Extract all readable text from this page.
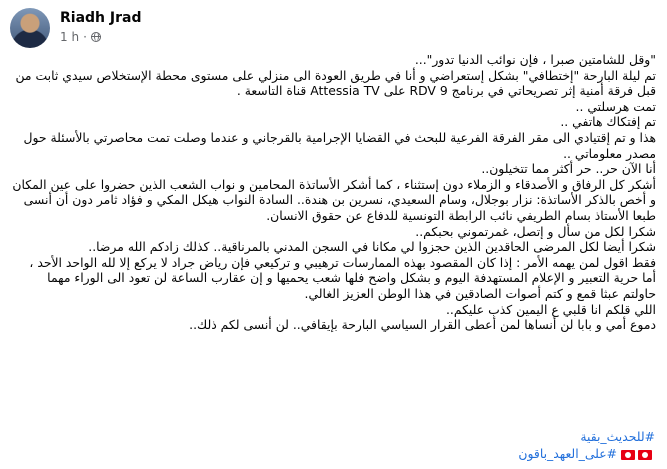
Riadh Jrad
1 h ·

"وقل للشامتين صبرا ، فإن نوائب الدنيا تدور"...

تم ليلة البارحة "إختطافي" بشكل إستعراضي و أنا في طريق العودة الى منزلي على مستوى محطة الإستخلاص سيدي ثابت من

قبل فرقة أمنية إثر تصريحاتي في برنامج RDV 9 على Attessia TV قناة التاسعة .

تمت هرسلتي ..

تم إفتكاك هاتفي ..

هذا و تم إقتيادي الى مقر الفرقة الفرعية للبحث في القضايا الإجرامية بالقرجاني و عندما وصلت تمت محاصرتي بالأسئلة حول

مصدر معلوماتي ..

أنا الآن حر.. حر أكثر مما تتخيلون..

أشكر كل الرفاق و الأصدقاء و الزملاء دون إستثناء ، كما أشكر الأساتذة المحامين و نواب الشعب الذين حضروا على عين المكان

و أخص بالذكر الأساتذة: نزار بوجلال، وسام السعيدي، نسرين بن هندة.. السادة النواب هيكل المكي و فؤاد ثامر دون أن أنسى

طبعا الأستاذ بسام الطريفي نائب الرابطة التونسية للدفاع عن حقوق الانسان.

شكرا لكل من سأل و إتصل، غمرتموني بحبكم..

شكرا أيضا لكل المرضى الحاقدين الذين حجزوا لي مكانا في السجن المدني بالمرناقية.. كذلك زادكم الله مرضا..

فقط اقول لمن يهمه الأمر : إذا كان المقصود بهذه الممارسات ترهيبي و تركيعي فإن رياض جراد لا يركع إلا لله الواحد الأحد ،

أما حرية التعبير و الإعلام المستهدفة اليوم و بشكل واضح فلها شعب يحميها و إن عقارب الساعة لن تعود الى الوراء مهما

حاولتم عبثا قمع و كتم أصوات الصادقين في هذا الوطن العزيز الغالي.

اللي قلكم انا قلبي ع اليمين كذب عليكم..

دموع أمي و بابا لن أنساها لمن أعطى القرار السياسي البارحة بإيقافي.. لن أنسى لكم ذلك..

#للحديث_بقية
#على_العهد_باقون
